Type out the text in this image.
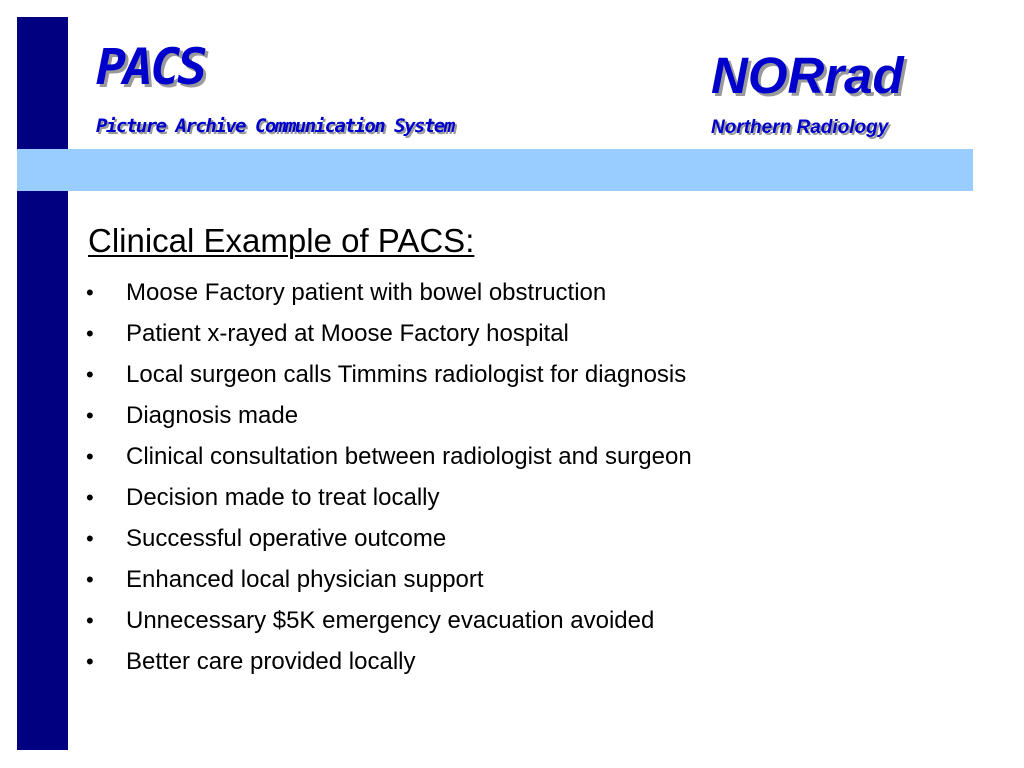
PACS
Picture Archive Communication System
NORrad
Northern Radiology
Clinical Example of PACS:
•	Moose Factory patient with bowel obstruction
•	Patient x-rayed at Moose Factory hospital
•	Local surgeon calls Timmins radiologist for diagnosis
•	Diagnosis made
•	Clinical consultation between radiologist and surgeon
•	Decision made to treat locally
•	Successful operative outcome
•	Enhanced local physician support
•	Unnecessary $5K emergency evacuation avoided
•	Better care provided locally
